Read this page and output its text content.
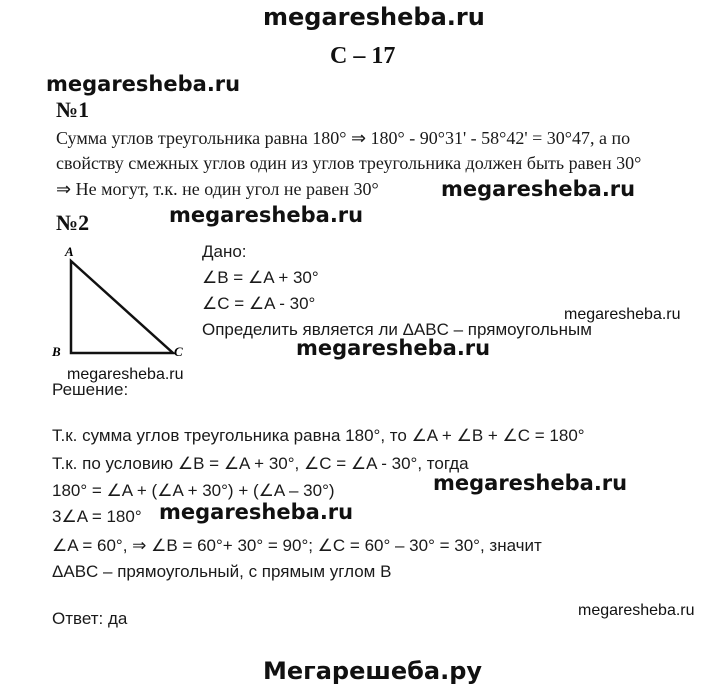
megaresheba.ru
megaresheba.ru
megaresheba.ru
megaresheba.ru
megaresheba.ru
megaresheba.ru
megaresheba.ru
megaresheba.ru
megaresheba.ru
megaresheba.ru
Мегарешеба.ру
С – 17
№1
Сумма углов треугольника равна 180° ⇒ 180° - 90°31' - 58°42' = 30°47, а по
свойству смежных углов один из углов треугольника должен быть равен 30°
⇒ Не могут, т.к. не один угол не равен 30°
№2
A
B	C
Дано:
∠B = ∠A + 30°
∠C = ∠A - 30°
Определить является ли ΔABC – прямоугольным
Решение:
Т.к. сумма углов треугольника равна 180°, то ∠A + ∠B + ∠C = 180°
Т.к. по условию ∠B = ∠A + 30°, ∠C = ∠A - 30°, тогда
180° = ∠A + (∠A + 30°) + (∠A – 30°)
3∠A = 180°
∠A = 60°, ⇒ ∠B = 60°+ 30° = 90°; ∠C = 60° – 30° = 30°, значит
ΔABC – прямоугольный, с прямым углом B
Ответ: да
